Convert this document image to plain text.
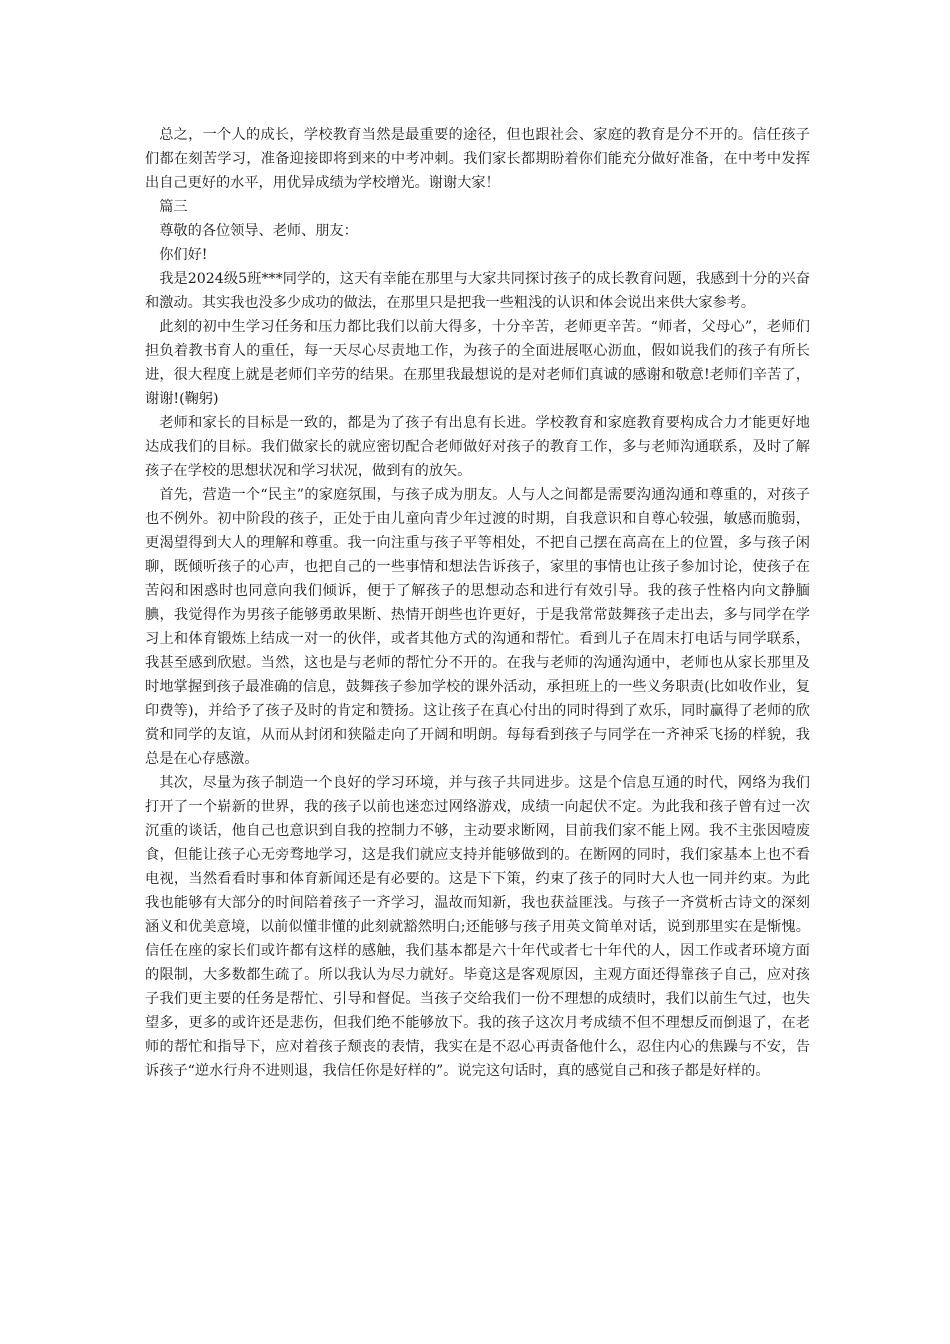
总之，一个人的成长，学校教育当然是最重要的途径，但也跟社会、家庭的教育是分不开的。信任孩子们都在刻苦学习，准备迎接即将到来的中考冲刺。我们家长都期盼着你们能充分做好准备，在中考中发挥出自己更好的水平，用优异成绩为学校增光。谢谢大家！

篇三

尊敬的各位领导、老师、朋友：

你们好!

我是2024级5班***同学的，这天有幸能在那里与大家共同探讨孩子的成长教育问题，我感到十分的兴奋和激动。其实我也没多少成功的做法，在那里只是把我一些粗浅的认识和体会说出来供大家参考。

此刻的初中生学习任务和压力都比我们以前大得多，十分辛苦，老师更辛苦。“师者，父母心”，老师们担负着教书育人的重任，每一天尽心尽责地工作，为孩子的全面进展呕心沥血，假如说我们的孩子有所长进，很大程度上就是老师们辛劳的结果。在那里我最想说的是对老师们真诚的感谢和敬意!老师们辛苦了，谢谢!(鞠躬)

老师和家长的目标是一致的，都是为了孩子有出息有长进。学校教育和家庭教育要构成合力才能更好地达成我们的目标。我们做家长的就应密切配合老师做好对孩子的教育工作，多与老师沟通联系，及时了解孩子在学校的思想状况和学习状况，做到有的放矢。

首先，营造一个“民主”的家庭氛围，与孩子成为朋友。人与人之间都是需要沟通沟通和尊重的，对孩子也不例外。初中阶段的孩子，正处于由儿童向青少年过渡的时期，自我意识和自尊心较强，敏感而脆弱，更渴望得到大人的理解和尊重。我一向注重与孩子平等相处，不把自己摆在高高在上的位置，多与孩子闲聊，既倾听孩子的心声，也把自己的一些事情和想法告诉孩子，家里的事情也让孩子参加讨论，使孩子在苦闷和困惑时也同意向我们倾诉，便于了解孩子的思想动态和进行有效引导。我的孩子性格内向文静腼腆，我觉得作为男孩子能够勇敢果断、热情开朗些也许更好，于是我常常鼓舞孩子走出去，多与同学在学习上和体育锻炼上结成一对一的伙伴，或者其他方式的沟通和帮忙。看到儿子在周末打电话与同学联系，我甚至感到欣慰。当然，这也是与老师的帮忙分不开的。在我与老师的沟通沟通中，老师也从家长那里及时地掌握到孩子最准确的信息，鼓舞孩子参加学校的课外活动，承担班上的一些义务职责(比如收作业，复印费等)，并给予了孩子及时的肯定和赞扬。这让孩子在真心付出的同时得到了欢乐，同时赢得了老师的欣赏和同学的友谊，从而从封闭和狭隘走向了开阔和明朗。每每看到孩子与同学在一齐神采飞扬的样貌，我总是在心存感激。

其次，尽量为孩子制造一个良好的学习环境，并与孩子共同进步。这是个信息互通的时代，网络为我们打开了一个崭新的世界，我的孩子以前也迷恋过网络游戏，成绩一向起伏不定。为此我和孩子曾有过一次沉重的谈话，他自己也意识到自我的控制力不够，主动要求断网，目前我们家不能上网。我不主张因噎废食，但能让孩子心无旁骛地学习，这是我们就应支持并能够做到的。在断网的同时，我们家基本上也不看电视，当然看看时事和体育新闻还是有必要的。这是下下策，约束了孩子的同时大人也一同并约束。为此我也能够有大部分的时间陪着孩子一齐学习，温故而知新，我也获益匪浅。与孩子一齐赏析古诗文的深刻涵义和优美意境，以前似懂非懂的此刻就豁然明白;还能够与孩子用英文简单对话，说到那里实在是惭愧。信任在座的家长们或许都有这样的感触，我们基本都是六十年代或者七十年代的人，因工作或者环境方面的限制，大多数都生疏了。所以我认为尽力就好。毕竟这是客观原因，主观方面还得靠孩子自己，应对孩子我们更主要的任务是帮忙、引导和督促。当孩子交给我们一份不理想的成绩时，我们以前生气过，也失望多，更多的或许还是悲伤，但我们绝不能够放下。我的孩子这次月考成绩不但不理想反而倒退了，在老师的帮忙和指导下，应对着孩子颓丧的表情，我实在是不忍心再责备他什么，忍住内心的焦躁与不安，告诉孩子“逆水行舟不进则退，我信任你是好样的”。说完这句话时，真的感觉自己和孩子都是好样的。
